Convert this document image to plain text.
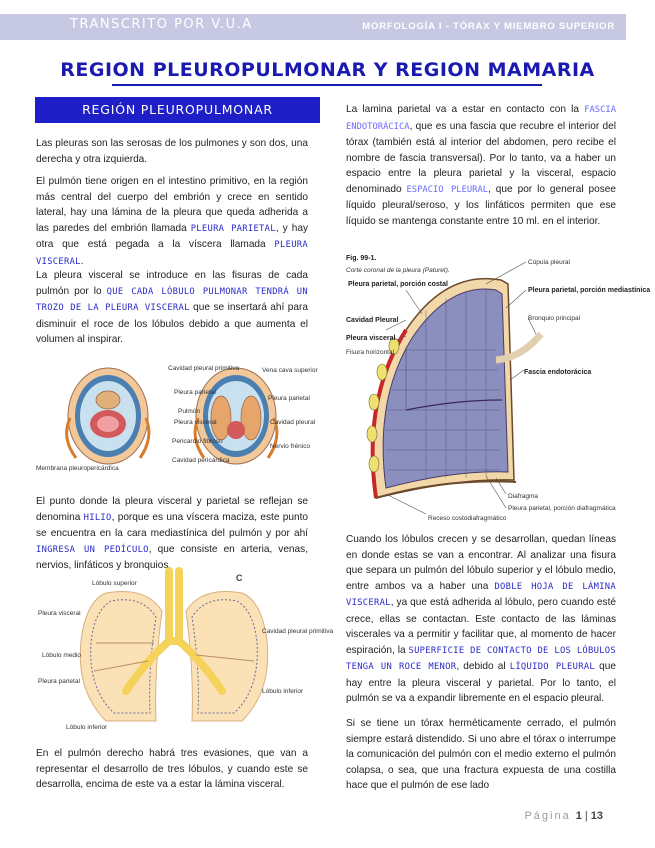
TRANSCRITO POR V.U.A	MORFOLOGÍA I - TÓRAX Y MIEMBRO SUPERIOR
REGION PLEUROPULMONAR Y REGION MAMARIA
REGIÓN PLEUROPULMONAR

Las pleuras son las serosas de los pulmones y son dos, una derecha y otra izquierda.

El pulmón tiene origen en el intestino primitivo, en la región más central del cuerpo del embrión y crece en sentido lateral, hay una lámina de la pleura que queda adherida a las paredes del embrión llamada PLEURA PARIETAL, y hay otra que está pegada a la víscera llamada PLEURA VISCERAL.

La pleura visceral se introduce en las fisuras de cada pulmón por lo QUE CADA LÓBULO PULMONAR TENDRÁ UN TROZO DE LA PLEURA VISCERAL que se insertará ahí para disminuir el roce de los lóbulos debido a que aumenta el volumen al inspirar.

Cavidad pleural primitiva
Pleura parietal
Pulmón
Pleura visceral
Pericardio fibroso
Cavidad pericárdica
Membrana pleuropericárdica
Vena cava superior
Pleura parietal
Cavidad pleural
Nervio frénico

El punto donde la pleura visceral y parietal se reflejan se denomina HILIO, porque es una víscera maciza, este punto se encuentra en la cara mediastínica del pulmón y por ahí INGRESA UN PEDÍCULO, que consiste en arteria, venas, nervios, linfáticos y bronquios.

C
Lóbulo superior
Pleura visceral
Lóbulo medio
Pleura parietal
Cavidad pleural primitiva
Lóbulo inferior
Lóbulo inferior

En el pulmón derecho habrá tres evasiones, que van a representar el desarrollo de tres lóbulos, y cuando este se desarrolla, encima de este va a estar la lámina visceral.

La lamina parietal va a estar en contacto con la FASCIA ENDOTORÁCICA, que es una fascia que recubre el interior del tórax (también está al interior del abdomen, pero recibe el nombre de fascia transversal). Por lo tanto, va a haber un espacio entre la pleura parietal y la visceral, espacio denominado ESPACIO PLEURAL, que por lo general posee líquido pleural/seroso, y los linfáticos permiten que ese líquido se mantenga constante entre 10 ml. en el interior.

Fig. 99-1.
Corte coronal de la pleura (Paturet).
Cúpula pleural
Pleura parietal, porción costal
Pleura parietal, porción mediastínica
Bronquio principal
Cavidad Pleural
Pleura visceral
Fisura horizontal
Fascia endotorácica
Diafragma
Pleura parietal, porción diafragmática
Receso costodiafragmático

Cuando los lóbulos crecen y se desarrollan, quedan líneas en donde estas se van a encontrar. Al analizar una fisura que separa un pulmón del lóbulo superior y el lóbulo medio, entre ambos va a haber una DOBLE HOJA DE LÁMINA VISCERAL, ya que está adherida al lóbulo, pero cuando esté crece, ellas se contactan. Este contacto de las láminas viscerales va a permitir y facilitar que, al momento de hacer espiración, la SUPERFICIE DE CONTACTO DE LOS LÓBULOS TENGA UN ROCE MENOR, debido al LÍQUIDO PLEURAL que hay entre la pleura visceral y parietal. Por lo tanto, el pulmón se va a expandir libremente en el espacio pleural.

Si se tiene un tórax herméticamente cerrado, el pulmón siempre estará distendido. Si uno abre el tórax o interrumpe la comunicación del pulmón con el medio externo el pulmón colapsa, o sea, que una fractura expuesta de una costilla hace que el pulmón de ese lado

Página 1 | 13
